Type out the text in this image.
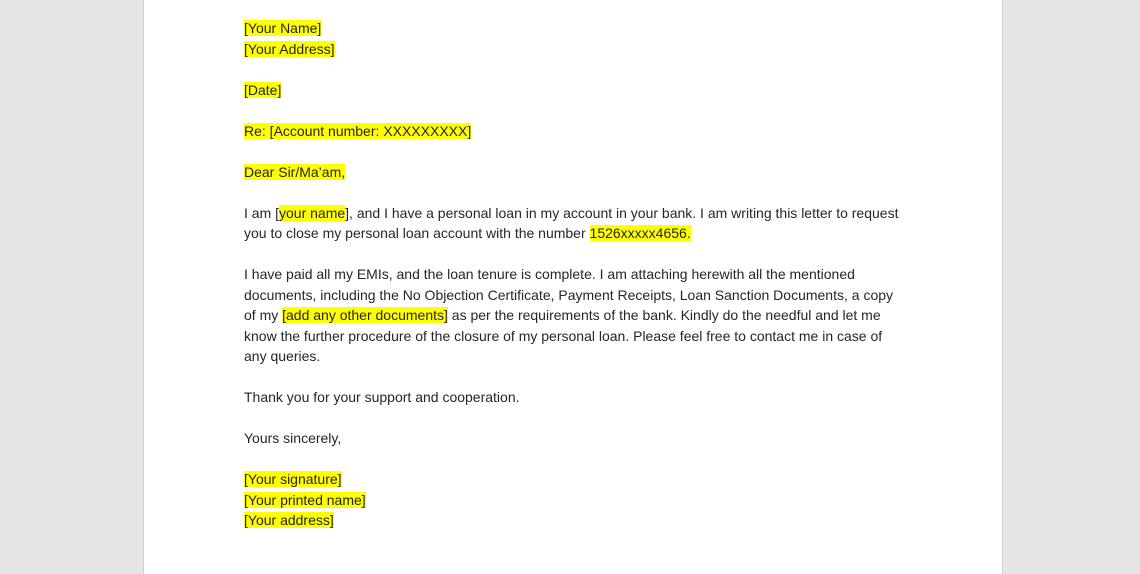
[Your Name]

[Your Address]

[Date]

Re: [Account number: XXXXXXXXX]

Dear Sir/Ma’am,

I am [your name], and I have a personal loan in my account in your bank. I am writing this letter to request you to close my personal loan account with the number 1526xxxxx4656.

I have paid all my EMIs, and the loan tenure is complete. I am attaching herewith all the mentioned documents, including the No Objection Certificate, Payment Receipts, Loan Sanction Documents, a copy of my [add any other documents] as per the requirements of the bank. Kindly do the needful and let me know the further procedure of the closure of my personal loan. Please feel free to contact me in case of any queries.

Thank you for your support and cooperation.

Yours sincerely,

[Your signature]

[Your printed name]

[Your address]
